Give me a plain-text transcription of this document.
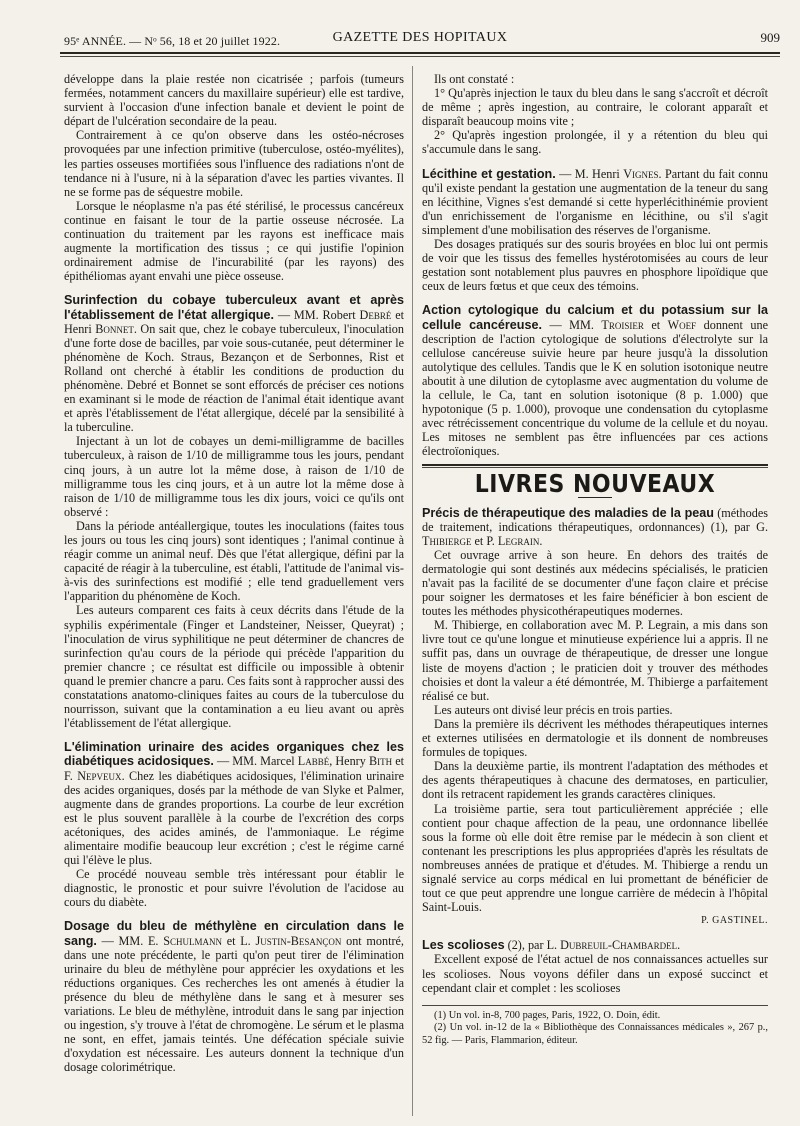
95ᵉ ANNÉE. — Nᵒ 56, 18 et 20 juillet 1922.	GAZETTE DES HOPITAUX	909

développe dans la plaie restée non cicatrisée ; parfois (tumeurs fermées, notamment cancers du maxillaire supérieur) elle est tardive, survient à l'occasion d'une infection banale et devient le point de départ de l'ulcération secondaire de la peau.

Contrairement à ce qu'on observe dans les ostéo-nécroses provoquées par une infection primitive (tuberculose, ostéo-myélites), les parties osseuses mortifiées sous l'influence des radiations n'ont de tendance ni à l'usure, ni à la séparation d'avec les parties vivantes. Il ne se forme pas de séquestre mobile.

Lorsque le néoplasme n'a pas été stérilisé, le processus cancéreux continue en faisant le tour de la partie osseuse nécrosée. La continuation du traitement par les rayons est inefficace mais augmente la mortification des tissus ; ce qui justifie l'opinion ordinairement admise de l'incurabilité (par les rayons) des épithéliomas ayant envahi une pièce osseuse.

Surinfection du cobaye tuberculeux avant et après l'établissement de l'état allergique. — MM. Robert Debré et Henri Bonnet. On sait que, chez le cobaye tuberculeux, l'inoculation d'une forte dose de bacilles, par voie sous-cutanée, peut déterminer le phénomène de Koch. Straus, Bezançon et de Serbonnes, Rist et Rolland ont cherché à établir les conditions de production du phénomène. Debré et Bonnet se sont efforcés de préciser ces notions en examinant si le mode de réaction de l'animal était identique avant et après l'établissement de l'état allergique, décelé par la sensibilité à la tuberculine.

Injectant à un lot de cobayes un demi-milligramme de bacilles tuberculeux, à raison de 1/10 de milligramme tous les jours, pendant cinq jours, à un autre lot la même dose, à raison de 1/10 de milligramme tous les cinq jours, et à un autre lot la même dose à raison de 1/10 de milligramme tous les dix jours, voici ce qu'ils ont observé :

Dans la période antéallergique, toutes les inoculations (faites tous les jours ou tous les cinq jours) sont identiques ; l'animal continue à réagir comme un animal neuf. Dès que l'état allergique, défini par la capacité de réagir à la tuberculine, est établi, l'attitude de l'animal vis-à-vis des surinfections est modifié ; elle tend graduellement vers l'apparition du phénomène de Koch.

Les auteurs comparent ces faits à ceux décrits dans l'étude de la syphilis expérimentale (Finger et Landsteiner, Neisser, Queyrat) ; l'inoculation de virus syphilitique ne peut déterminer de chancres de surinfection qu'au cours de la période qui précède l'apparition du premier chancre ; ce résultat est difficile ou impossible à obtenir quand le premier chancre a paru. Ces faits sont à rapprocher aussi des constatations anatomo-cliniques faites au cours de la tuberculose du nourrisson, suivant que la contamination a eu lieu avant ou après l'établissement de l'état allergique.

L'élimination urinaire des acides organiques chez les diabétiques acidosiques. — MM. Marcel Labbé, Henry Bith et F. Nepveux. Chez les diabétiques acidosiques, l'élimination urinaire des acides organiques, dosés par la méthode de van Slyke et Palmer, augmente dans de grandes proportions. La courbe de leur excrétion est le plus souvent parallèle à la courbe de l'excrétion des corps acétoniques, des acides aminés, de l'ammoniaque. Le régime alimentaire modifie beaucoup leur excrétion ; c'est le régime carné qui l'élève le plus.

Ce procédé nouveau semble très intéressant pour établir le diagnostic, le pronostic et pour suivre l'évolution de l'acidose au cours du diabète.

Dosage du bleu de méthylène en circulation dans le sang. — MM. E. Schulmann et L. Justin-Besançon ont montré, dans une note précédente, le parti qu'on peut tirer de l'élimination urinaire du bleu de méthylène pour apprécier les oxydations et les réductions organiques. Ces recherches les ont amenés à étudier la présence du bleu de méthylène dans le sang et à mesurer ses variations. Le bleu de méthylène, introduit dans le sang par injection ou ingestion, s'y trouve à l'état de chromogène. Le sérum et le plasma ne sont, en effet, jamais teintés. Une défécation spéciale suivie d'oxydation est nécessaire. Les auteurs donnent la technique d'un dosage colorimétrique.

Ils ont constaté :

1° Qu'après injection le taux du bleu dans le sang s'accroît et décroît de même ; après ingestion, au contraire, le colorant apparaît et disparaît beaucoup moins vite ;

2° Qu'après ingestion prolongée, il y a rétention du bleu qui s'accumule dans le sang.

Lécithine et gestation. — M. Henri Vignes. Partant du fait connu qu'il existe pendant la gestation une augmentation de la teneur du sang en lécithine, Vignes s'est demandé si cette hyperlécithinémie provient d'un enrichissement de l'organisme en lécithine, ou s'il s'agit simplement d'une mobilisation des réserves de l'organisme.

Des dosages pratiqués sur des souris broyées en bloc lui ont permis de voir que les tissus des femelles hystérotomisées au cours de leur gestation sont notablement plus pauvres en phosphore lipoïdique que ceux de leurs fœtus et que ceux des témoins.

Action cytologique du calcium et du potassium sur la cellule cancéreuse. — MM. Troisier et Woef donnent une description de l'action cytologique de solutions d'électrolyte sur la cellulose cancéreuse suivie heure par heure jusqu'à la dissolution autolytique des cellules. Tandis que le K en solution isotonique neutre aboutit à une dilution de cytoplasme avec augmentation du volume de la cellule, le Ca, tant en solution isotonique (8 p. 1.000) que hypotonique (5 p. 1.000), provoque une condensation du cytoplasme avec rétrécissement concentrique du volume de la cellule et du noyau. Les mitoses ne semblent pas être influencées par ces actions électroïoniques.

LIVRES NOUVEAUX

Précis de thérapeutique des maladies de la peau (méthodes de traitement, indications thérapeutiques, ordonnances) (1), par G. Thibierge et P. Legrain.

Cet ouvrage arrive à son heure. En dehors des traités de dermatologie qui sont destinés aux médecins spécialisés, le praticien n'avait pas la facilité de se documenter d'une façon claire et précise pour soigner les dermatoses et les faire bénéficier à bon escient de toutes les méthodes physicothérapeutiques modernes.

M. Thibierge, en collaboration avec M. P. Legrain, a mis dans son livre tout ce qu'une longue et minutieuse expérience lui a appris. Il ne suffit pas, dans un ouvrage de thérapeutique, de dresser une longue liste de moyens d'action ; le praticien doit y trouver des méthodes choisies et dont la valeur a été démontrée, M. Thibierge a parfaitement réalisé ce but.

Les auteurs ont divisé leur précis en trois parties.

Dans la première ils décrivent les méthodes thérapeutiques internes et externes utilisées en dermatologie et ils donnent de nombreuses formules de topiques.

Dans la deuxième partie, ils montrent l'adaptation des méthodes et des agents thérapeutiques à chacune des dermatoses, en particulier, dont ils retracent rapidement les grands caractères cliniques.

La troisième partie, sera tout particulièrement appréciée ; elle contient pour chaque affection de la peau, une ordonnance libellée sous la forme où elle doit être remise par le médecin à son client et contenant les prescriptions les plus appropriées d'après les résultats de nombreuses années de pratique et d'études. M. Thibierge a rendu un signalé service au corps médical en lui promettant de bénéficier de tout ce que peut apprendre une longue carrière de médecin à l'hôpital Saint-Louis.

P. GASTINEL.

Les scolioses (2), par L. Dubreuil-Chambardel.

Excellent exposé de l'état actuel de nos connaissances actuelles sur les scolioses. Nous voyons défiler dans un exposé succinct et cependant clair et complet : les scolioses

(1) Un vol. in-8, 700 pages, Paris, 1922, O. Doin, édit.

(2) Un vol. in-12 de la « Bibliothèque des Connaissances médicales », 267 p., 52 fig. — Paris, Flammarion, éditeur.
